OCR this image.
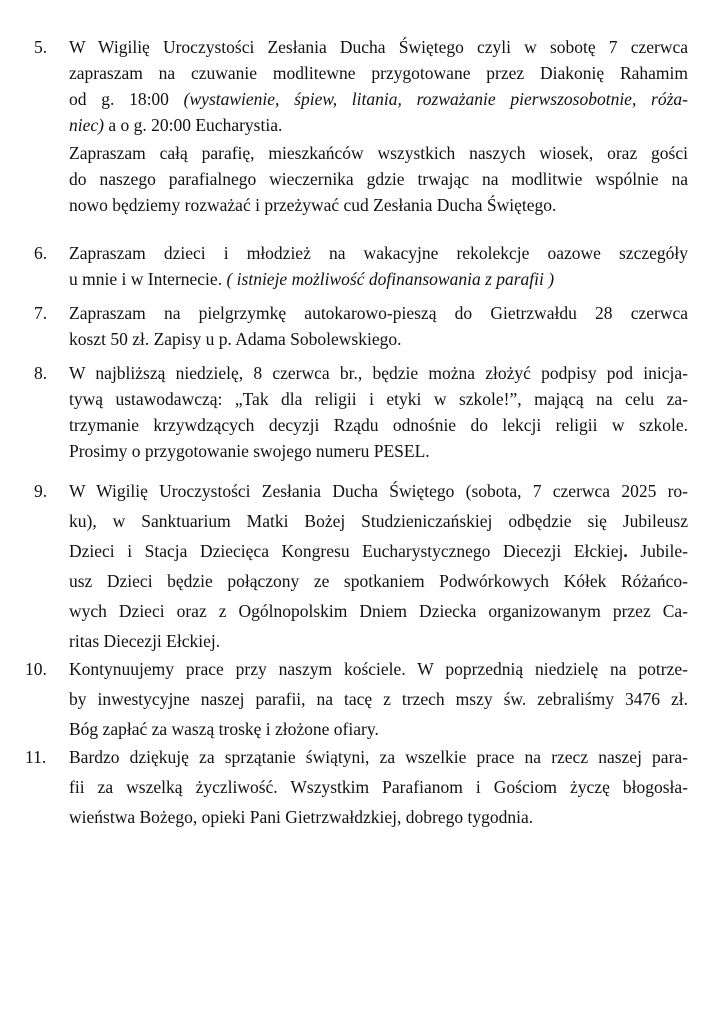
5. W Wigilię Uroczystości Zesłania Ducha Świętego czyli w sobotę 7 czerwca
zapraszam na czuwanie modlitewne przygotowane przez Diakonię Rahamim
od g. 18:00 (wystawienie, śpiew, litania, rozważanie pierwszosobotnie, róża-
niec) a o g. 20:00 Eucharystia.
Zapraszam całą parafię, mieszkańców wszystkich naszych wiosek, oraz gości
do naszego parafialnego wieczernika gdzie trwając na modlitwie wspólnie na
nowo będziemy rozważać i przeżywać cud Zesłania Ducha Świętego.
6. Zapraszam dzieci i młodzież na wakacyjne rekolekcje oazowe szczegóły
u mnie i w Internecie. ( istnieje możliwość dofinansowania z parafii )
7. Zapraszam na pielgrzymkę autokarowo-pieszą do Gietrzwałdu 28 czerwca
koszt 50 zł. Zapisy u p. Adama Sobolewskiego.
8. W najbliższą niedzielę, 8 czerwca br., będzie można złożyć podpisy pod inicja-
tywą ustawodawczą: „Tak dla religii i etyki w szkole!”, mającą na celu za-
trzymanie krzywdzących decyzji Rządu odnośnie do lekcji religii w szkole.
Prosimy o przygotowanie swojego numeru PESEL.
9. W Wigilię Uroczystości Zesłania Ducha Świętego (sobota, 7 czerwca 2025 ro-
ku), w Sanktuarium Matki Bożej Studzieniczańskiej odbędzie się Jubileusz
Dzieci i Stacja Dziecięca Kongresu Eucharystycznego Diecezji Ełckiej. Jubile-
usz Dzieci będzie połączony ze spotkaniem Podwórkowych Kółek Różańco-
wych Dzieci oraz z Ogólnopolskim Dniem Dziecka organizowanym przez Ca-
ritas Diecezji Ełckiej.
10. Kontynuujemy prace przy naszym kościele. W poprzednią niedzielę na potrze-
by inwestycyjne naszej parafii, na tacę z trzech mszy św. zebraliśmy 3476 zł.
Bóg zapłać za waszą troskę i złożone ofiary.
11. Bardzo dziękuję za sprzątanie świątyni, za wszelkie prace na rzecz naszej para-
fii za wszelką życzliwość. Wszystkim Parafianom i Gościom życzę błogosła-
wieństwa Bożego, opieki Pani Gietrzwałdzkiej, dobrego tygodnia.
